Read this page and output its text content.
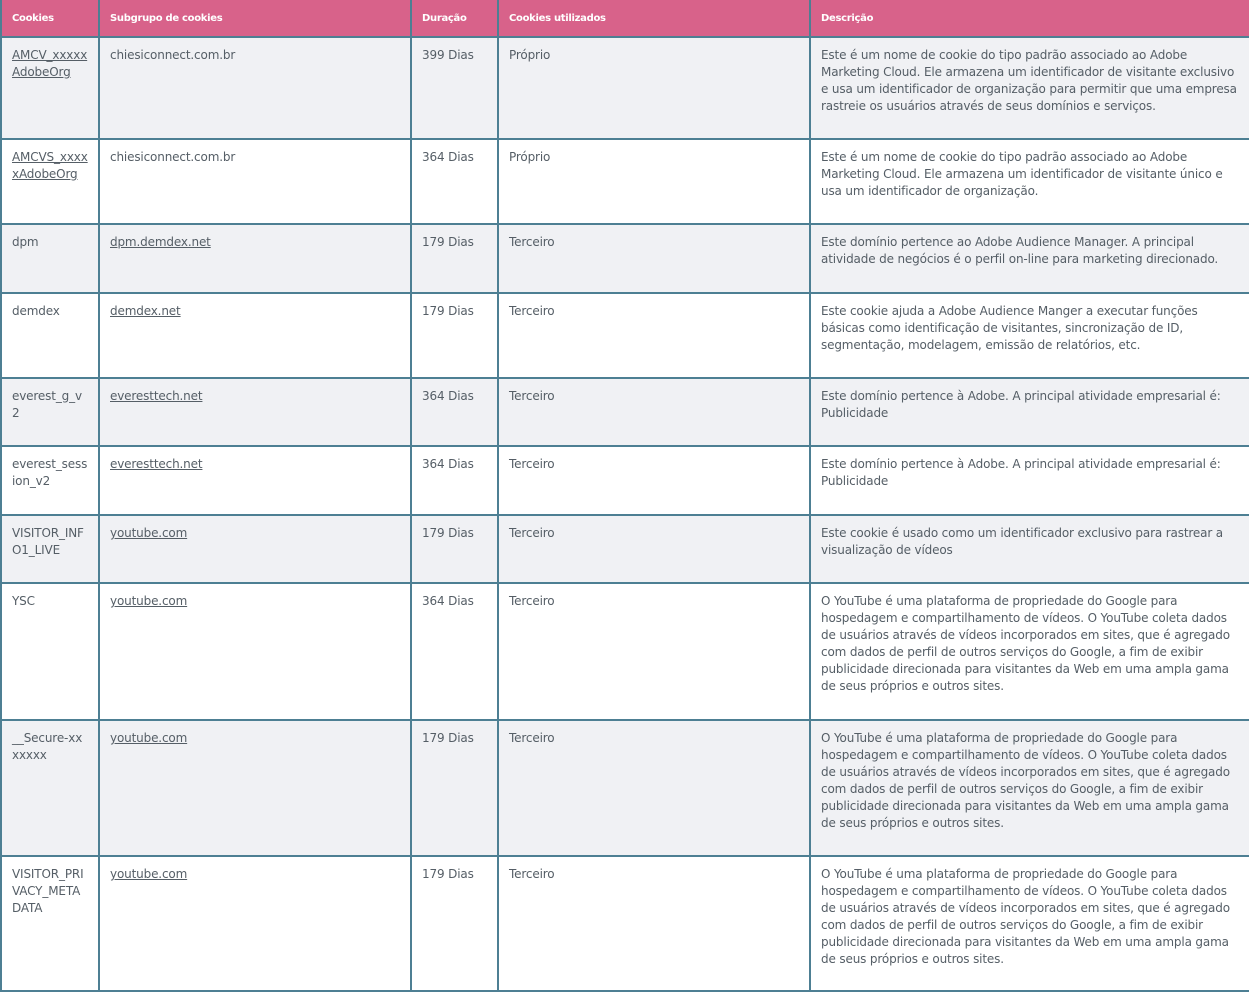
Cookies	Subgrupo de cookies	Duração	Cookies utilizados	Descrição
AMCV_xxxxxAdobeOrg	chiesiconnect.com.br	399 Dias	Próprio	Este é um nome de cookie do tipo padrão associado ao Adobe Marketing Cloud. Ele armazena um identificador de visitante exclusivo e usa um identificador de organização para permitir que uma empresa rastreie os usuários através de seus domínios e serviços.
AMCVS_xxxxxAdobeOrg	chiesiconnect.com.br	364 Dias	Próprio	Este é um nome de cookie do tipo padrão associado ao Adobe Marketing Cloud. Ele armazena um identificador de visitante único e usa um identificador de organização.
dpm	dpm.demdex.net	179 Dias	Terceiro	Este domínio pertence ao Adobe Audience Manager. A principal atividade de negócios é o perfil on-line para marketing direcionado.
demdex	demdex.net	179 Dias	Terceiro	Este cookie ajuda a Adobe Audience Manger a executar funções básicas como identificação de visitantes, sincronização de ID, segmentação, modelagem, emissão de relatórios, etc.
everest_g_v2	everesttech.net	364 Dias	Terceiro	Este domínio pertence à Adobe. A principal atividade empresarial é: Publicidade
everest_session_v2	everesttech.net	364 Dias	Terceiro	Este domínio pertence à Adobe. A principal atividade empresarial é: Publicidade
VISITOR_INFO1_LIVE	youtube.com	179 Dias	Terceiro	Este cookie é usado como um identificador exclusivo para rastrear a visualização de vídeos
YSC	youtube.com	364 Dias	Terceiro	O YouTube é uma plataforma de propriedade do Google para hospedagem e compartilhamento de vídeos. O YouTube coleta dados de usuários através de vídeos incorporados em sites, que é agregado com dados de perfil de outros serviços do Google, a fim de exibir publicidade direcionada para visitantes da Web em uma ampla gama de seus próprios e outros sites.
__Secure-xxxxxxx	youtube.com	179 Dias	Terceiro	O YouTube é uma plataforma de propriedade do Google para hospedagem e compartilhamento de vídeos. O YouTube coleta dados de usuários através de vídeos incorporados em sites, que é agregado com dados de perfil de outros serviços do Google, a fim de exibir publicidade direcionada para visitantes da Web em uma ampla gama de seus próprios e outros sites.
VISITOR_PRIVACY_METADATA	youtube.com	179 Dias	Terceiro	O YouTube é uma plataforma de propriedade do Google para hospedagem e compartilhamento de vídeos. O YouTube coleta dados de usuários através de vídeos incorporados em sites, que é agregado com dados de perfil de outros serviços do Google, a fim de exibir publicidade direcionada para visitantes da Web em uma ampla gama de seus próprios e outros sites.
